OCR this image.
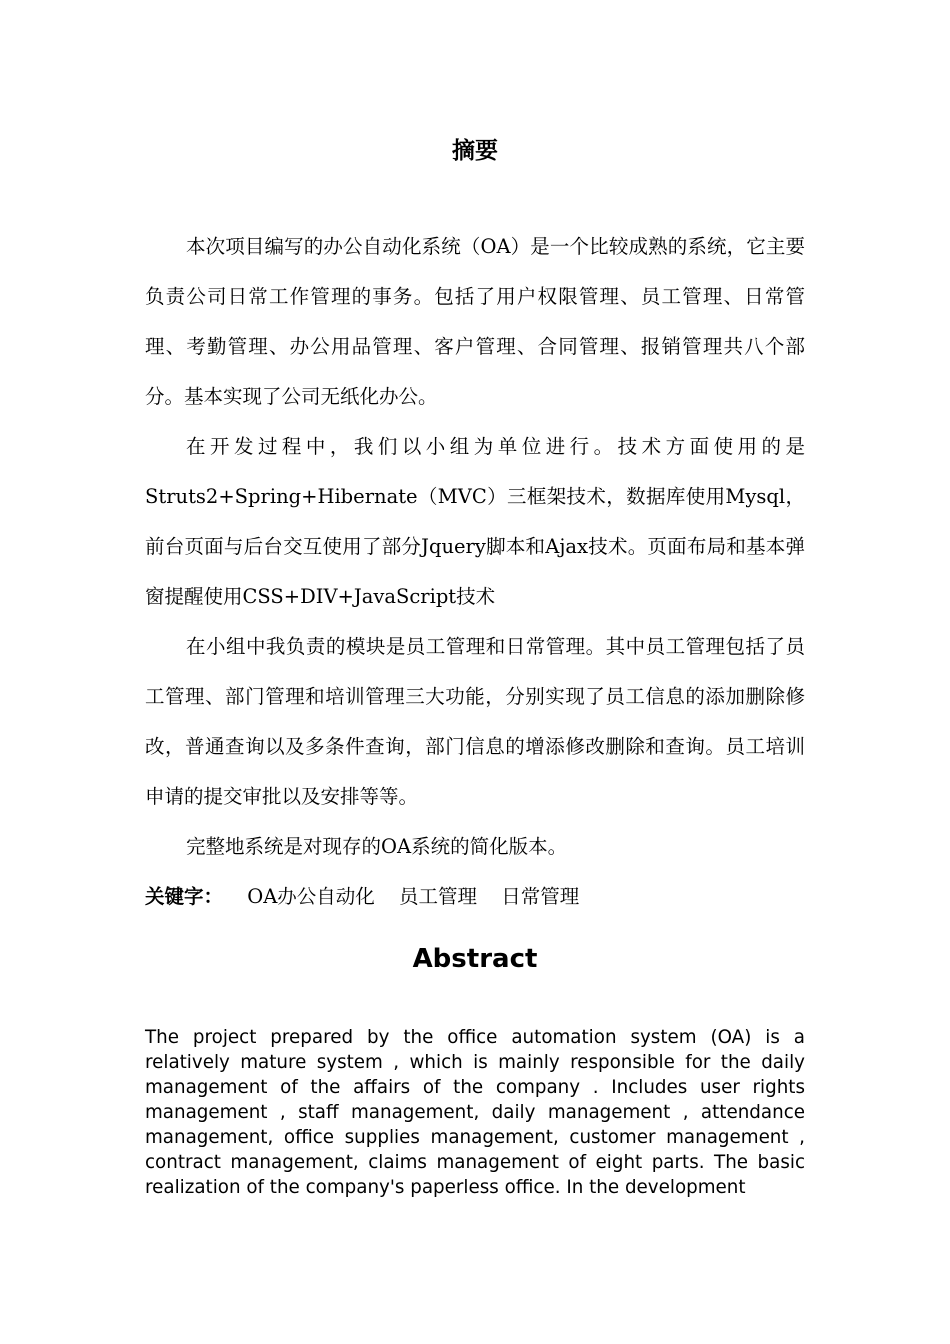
摘要

本次项目编写的办公自动化系统（OA）是一个比较成熟的系统，它主要负责公司日常工作管理的事务。包括了用户权限管理、员工管理、日常管理、考勤管理、办公用品管理、客户管理、合同管理、报销管理共八个部分。基本实现了公司无纸化办公。

在开发过程中，我们以小组为单位进行。技术方面使用的是Struts2+Spring+Hibernate（MVC）三框架技术，数据库使用Mysql，前台页面与后台交互使用了部分Jquery脚本和Ajax技术。页面布局和基本弹窗提醒使用CSS+DIV+JavaScript技术

在小组中我负责的模块是员工管理和日常管理。其中员工管理包括了员工管理、部门管理和培训管理三大功能，分别实现了员工信息的添加删除修改，普通查询以及多条件查询，部门信息的增添修改删除和查询。员工培训申请的提交审批以及安排等等。

完整地系统是对现存的OA系统的简化版本。

关键字： OA办公自动化 员工管理 日常管理

Abstract

The project prepared by the office automation system (OA) is a relatively mature system , which is mainly responsible for the daily management of the affairs of the company . Includes user rights management , staff management, daily management , attendance management, office supplies management, customer management , contract management, claims management of eight parts. The basic realization of the company's paperless office. In the development
